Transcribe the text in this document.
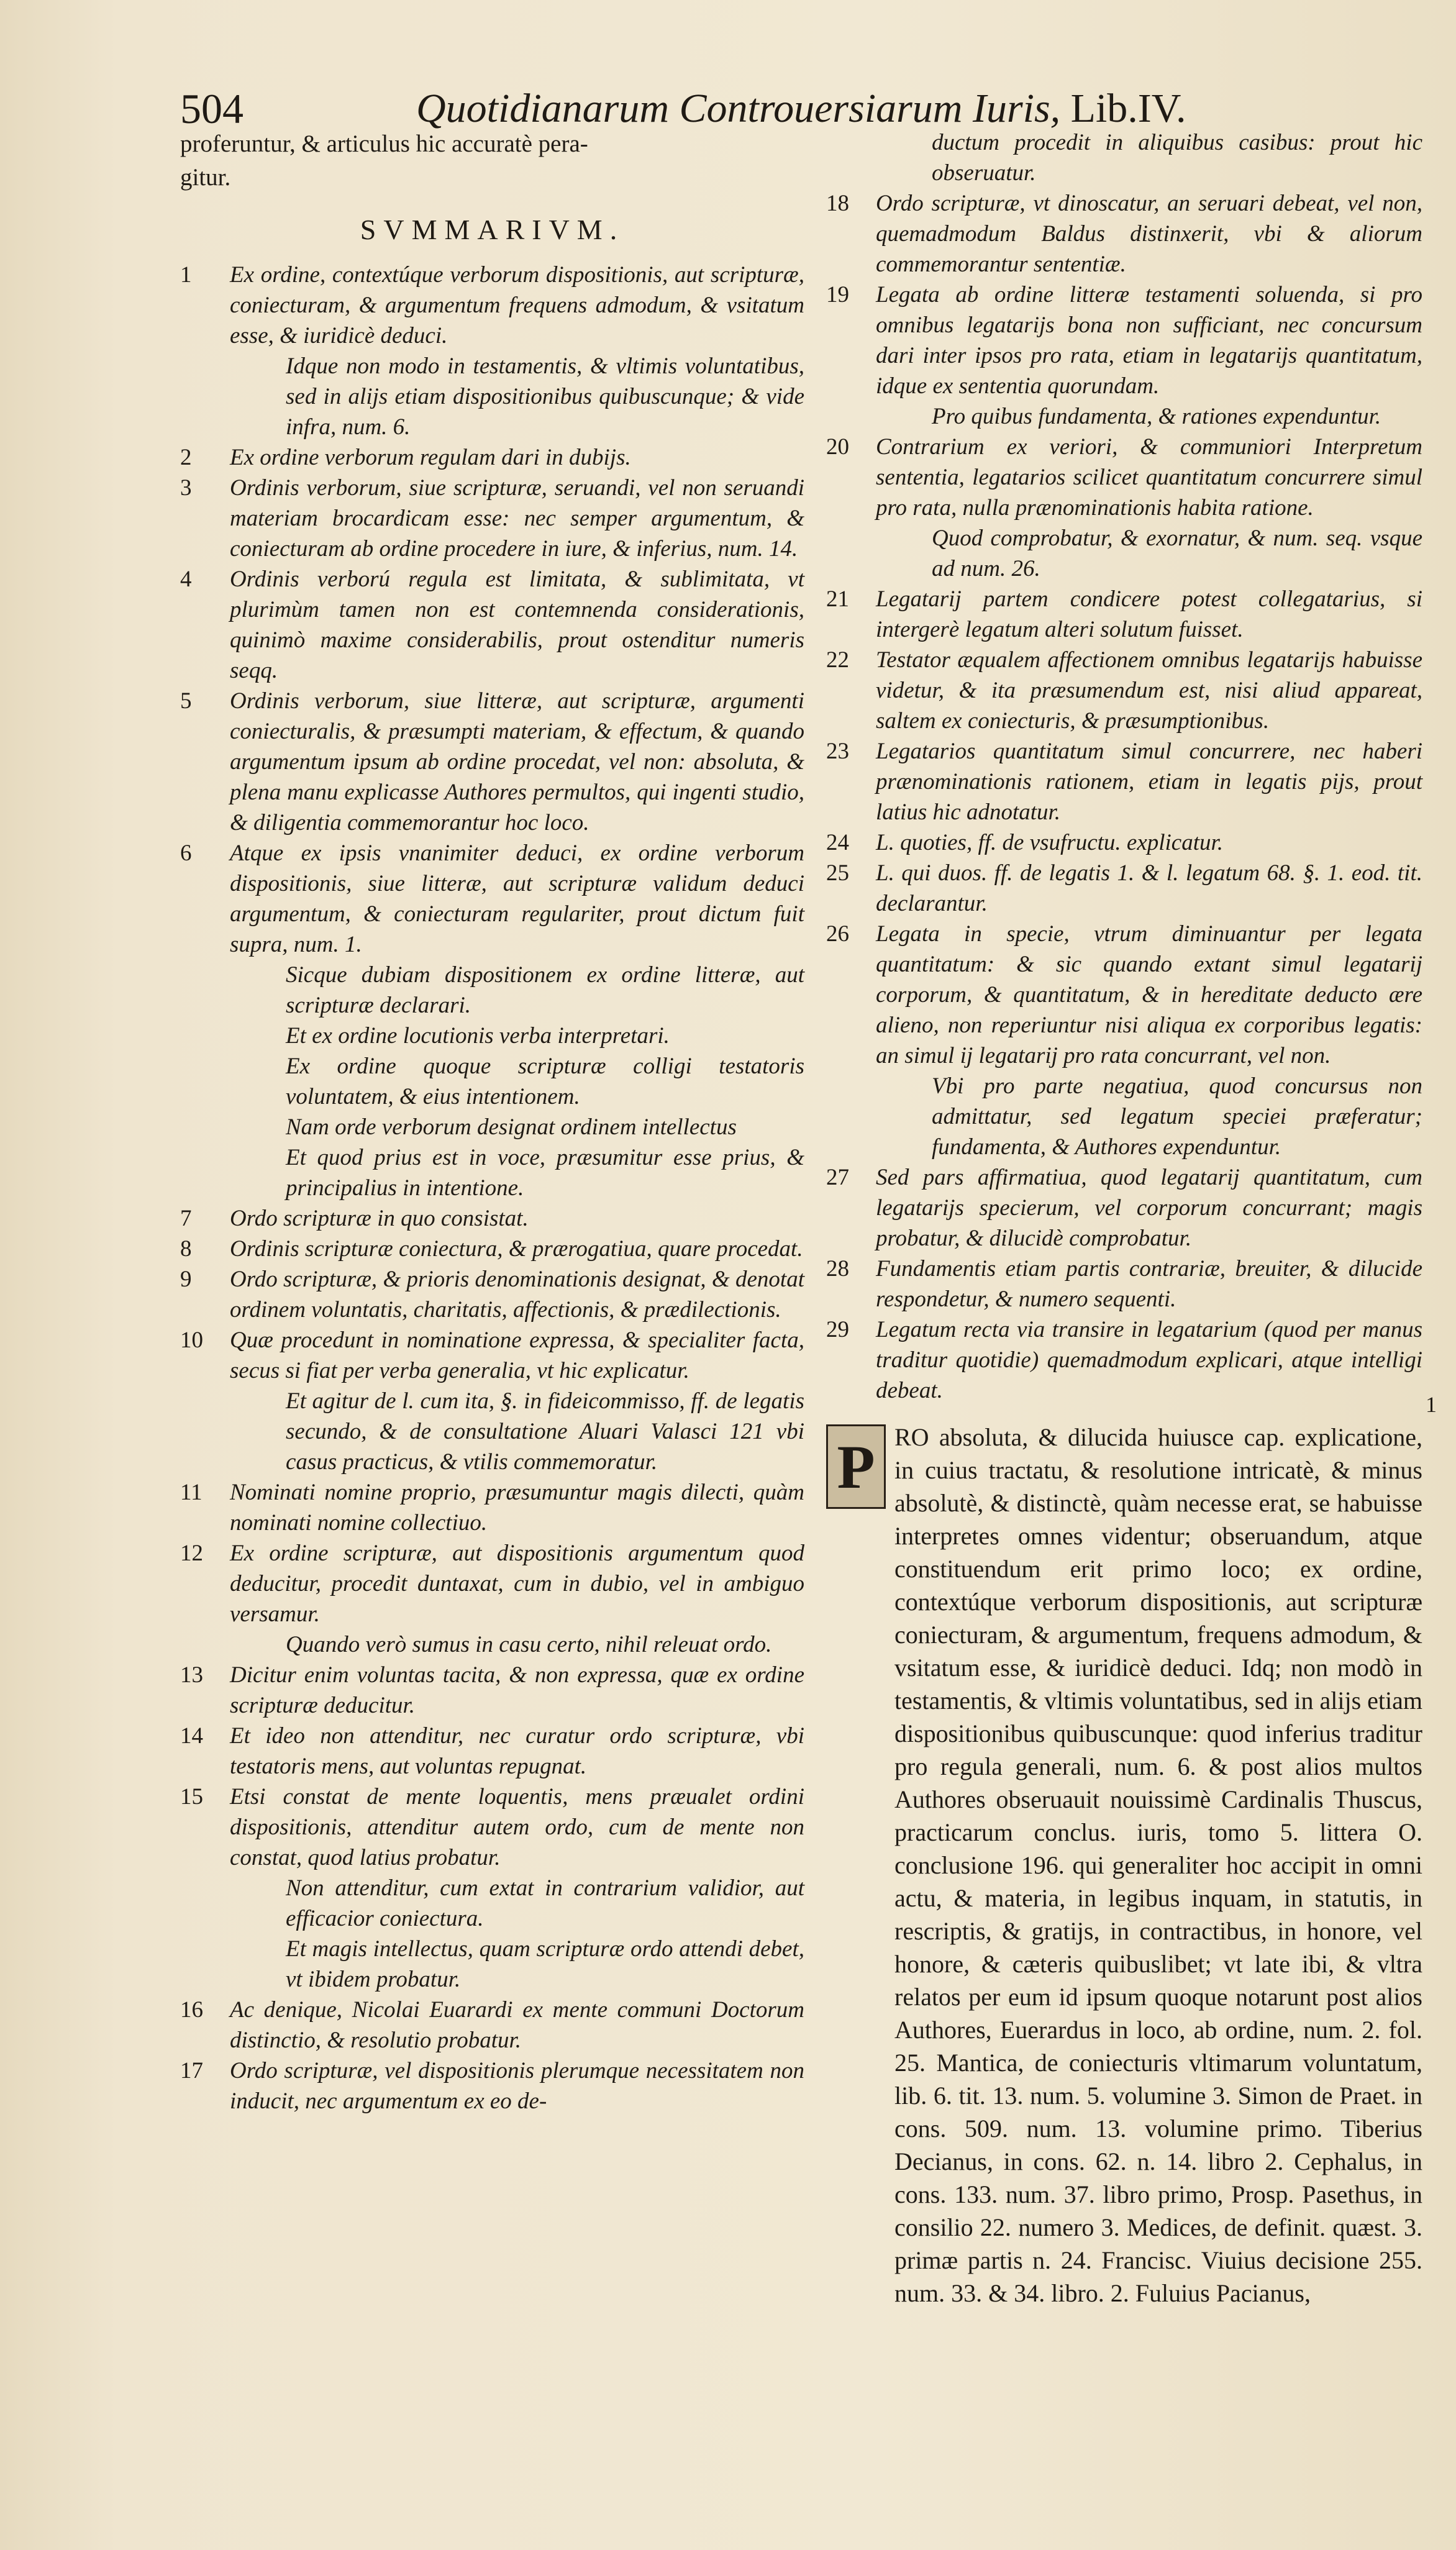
504	Quotidianarum Controuersiarum Iuris, Lib.IV.

proferuntur, & articulus hic accuratè pera-

gitur.

SVMMARIVM.
1	Ex ordine, contextúque verborum dispositionis, aut scripturæ, coniecturam, & argumentum frequens admodum, & vsitatum esse, & iuridicè deduci.
Idque non modo in testamentis, & vltimis voluntatibus, sed in alijs etiam dispositionibus quibuscunque; & vide infra, num. 6.
2	Ex ordine verborum regulam dari in dubijs.
3	Ordinis verborum, siue scripturæ, seruandi, vel non seruandi materiam brocardicam esse: nec semper argumentum, & coniecturam ab ordine procedere in iure, & inferius, num. 14.
4	Ordinis verború regula est limitata, & sublimitata, vt plurimùm tamen non est contemnenda considerationis, quinimò maxime considerabilis, prout ostenditur numeris seqq.
5	Ordinis verborum, siue litteræ, aut scripturæ, argumenti coniecturalis, & præsumpti materiam, & effectum, & quando argumentum ipsum ab ordine procedat, vel non: absoluta, & plena manu explicasse Authores permultos, qui ingenti studio, & diligentia commemorantur hoc loco.
6	Atque ex ipsis vnanimiter deduci, ex ordine verborum dispositionis, siue litteræ, aut scripturæ validum deduci argumentum, & coniecturam regulariter, prout dictum fuit supra, num. 1.
Sicque dubiam dispositionem ex ordine litteræ, aut scripturæ declarari.
Et ex ordine locutionis verba interpretari.
Ex ordine quoque scripturæ colligi testatoris voluntatem, & eius intentionem.
Nam orde verborum designat ordinem intellectus
Et quod prius est in voce, præsumitur esse prius, & principalius in intentione.
7	Ordo scripturæ in quo consistat.
8	Ordinis scripturæ coniectura, & prærogatiua, quare procedat.
9	Ordo scripturæ, & prioris denominationis designat, & denotat ordinem voluntatis, charitatis, affectionis, & prædilectionis.
10	Quæ procedunt in nominatione expressa, & specialiter facta, secus si fiat per verba generalia, vt hic explicatur.
Et agitur de l. cum ita, §. in fideicommisso, ff. de legatis secundo, & de consultatione Aluari Valasci 121 vbi casus practicus, & vtilis commemoratur.
11	Nominati nomine proprio, præsumuntur magis dilecti, quàm nominati nomine collectiuo.
12	Ex ordine scripturæ, aut dispositionis argumentum quod deducitur, procedit duntaxat, cum in dubio, vel in ambiguo versamur.
Quando verò sumus in casu certo, nihil releuat ordo.
13	Dicitur enim voluntas tacita, & non expressa, quæ ex ordine scripturæ deducitur.
14	Et ideo non attenditur, nec curatur ordo scripturæ, vbi testatoris mens, aut voluntas repugnat.
15	Etsi constat de mente loquentis, mens præualet ordini dispositionis, attenditur autem ordo, cum de mente non constat, quod latius probatur.
Non attenditur, cum extat in contrarium validior, aut efficacior coniectura.
Et magis intellectus, quam scripturæ ordo attendi debet, vt ibidem probatur.
16	Ac denique, Nicolai Euarardi ex mente communi Doctorum distinctio, & resolutio probatur.
17	Ordo scripturæ, vel dispositionis plerumque necessitatem non inducit, nec argumentum ex eo de-
ductum procedit in aliquibus casibus: prout hic obseruatur.
18	Ordo scripturæ, vt dinoscatur, an seruari debeat, vel non, quemadmodum Baldus distinxerit, vbi & aliorum commemorantur sententiæ.
19	Legata ab ordine litteræ testamenti soluenda, si pro omnibus legatarijs bona non sufficiant, nec concursum dari inter ipsos pro rata, etiam in legatarijs quantitatum, idque ex sententia quorundam.
Pro quibus fundamenta, & rationes expenduntur.
20	Contrarium ex veriori, & communiori Interpretum sententia, legatarios scilicet quantitatum concurrere simul pro rata, nulla prænominationis habita ratione.
Quod comprobatur, & exornatur, & num. seq. vsque ad num. 26.
21	Legatarij partem condicere potest collegatarius, si intergerè legatum alteri solutum fuisset.
22	Testator æqualem affectionem omnibus legatarijs habuisse videtur, & ita præsumendum est, nisi aliud appareat, saltem ex coniecturis, & præsumptionibus.
23	Legatarios quantitatum simul concurrere, nec haberi prænominationis rationem, etiam in legatis pijs, prout latius hic adnotatur.
24	L. quoties, ff. de vsufructu. explicatur.
25	L. qui duos. ff. de legatis 1. & l. legatum 68. §. 1. eod. tit. declarantur.
26	Legata in specie, vtrum diminuantur per legata quantitatum: & sic quando extant simul legatarij corporum, & quantitatum, & in hereditate deducto ære alieno, non reperiuntur nisi aliqua ex corporibus legatis: an simul ij legatarij pro rata concurrant, vel non.
Vbi pro parte negatiua, quod concursus non admittatur, sed legatum speciei præferatur; fundamenta, & Authores expenduntur.
27	Sed pars affirmatiua, quod legatarij quantitatum, cum legatarijs specierum, vel corporum concurrant; magis probatur, & dilucidè comprobatur.
28	Fundamentis etiam partis contrariæ, breuiter, & dilucide respondetur, & numero sequenti.
29	Legatum recta via transire in legatarium (quod per manus traditur quotidie) quemadmodum explicari, atque intelligi debeat.
P RO absoluta, & dilucida huiusce cap. explicatione, in cuius tractatu, & resolutione intricatè, & minus absolutè, & distinctè, quàm necesse erat, se habuisse interpretes omnes videntur; obseruandum, atque constituendum erit primo loco; ex ordine, contextúque verborum dispositionis, aut scripturæ coniecturam, & argumentum, frequens admodum, & vsitatum esse, & iuridicè deduci. Idq; non modò in testamentis, & vltimis voluntatibus, sed in alijs etiam dispositionibus quibuscunque: quod inferius traditur pro regula generali, num. 6. & post alios multos Authores obseruauit nouissimè Cardinalis Thuscus, practicarum conclus. iuris, tomo 5. littera O. conclusione 196. qui generaliter hoc accipit in omni actu, & materia, in legibus inquam, in statutis, in rescriptis, & gratijs, in contractibus, in honore, vel honore, & cæteris quibuslibet; vt late ibi, & vltra relatos per eum id ipsum quoque notarunt post alios Authores, Euerardus in loco, ab ordine, num. 2. fol. 25. Mantica, de coniecturis vltimarum voluntatum, lib. 6. tit. 13. num. 5. volumine 3. Simon de Praet. in cons. 509. num. 13. volumine primo. Tiberius Decianus, in cons. 62. n. 14. libro 2. Cephalus, in cons. 133. num. 37. libro primo, Prosp. Pasethus, in consilio 22. numero 3. Medices, de definit. quæst. 3. primæ partis n. 24. Francisc. Viuius decisione 255. num. 33. & 34. libro. 2. Fuluius Pacianus,
1
